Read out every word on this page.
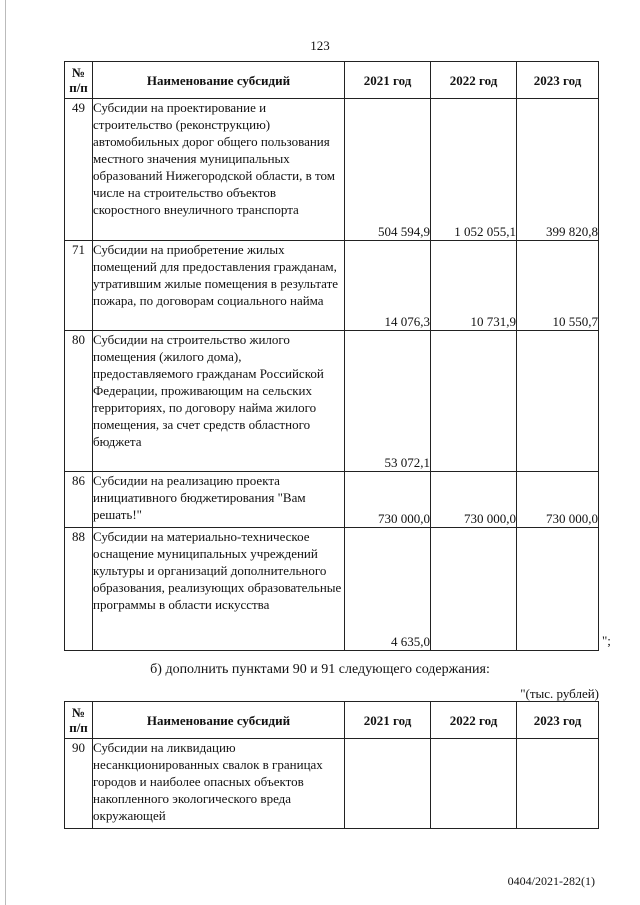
123
№
п/п	Наименование субсидий	2021 год	2022 год	2023 год
49	Субсидии на проектирование и строительство (реконструкцию) автомобильных дорог общего пользования местного значения муниципальных образований Нижегородской области, в том числе на строительство объектов скоростного внеуличного транспорта	504 594,9	1 052 055,1	399 820,8
71	Субсидии на приобретение жилых помещений для предоставления гражданам, утратившим жилые помещения в результате пожара, по договорам социального найма	14 076,3	10 731,9	10 550,7
80	Субсидии на строительство жилого помещения (жилого дома), предоставляемого гражданам Российской Федерации, проживающим на сельских территориях, по договору найма жилого помещения, за счет средств областного бюджета	53 072,1		
86	Субсидии на реализацию проекта инициативного бюджетирования "Вам решать!"	730 000,0	730 000,0	730 000,0
88	Субсидии на материально-техническое оснащение муниципальных учреждений культуры и организаций дополнительного образования, реализующих образовательные программы в области искусства	4 635,0			";
б) дополнить пунктами 90 и 91 следующего содержания:
"(тыс. рублей)
№
п/п	Наименование субсидий	2021 год	2022 год	2023 год
90	Субсидии на ликвидацию несанкционированных свалок в границах городов и наиболее опасных объектов накопленного экологического вреда окружающей			
0404/2021-282(1)
